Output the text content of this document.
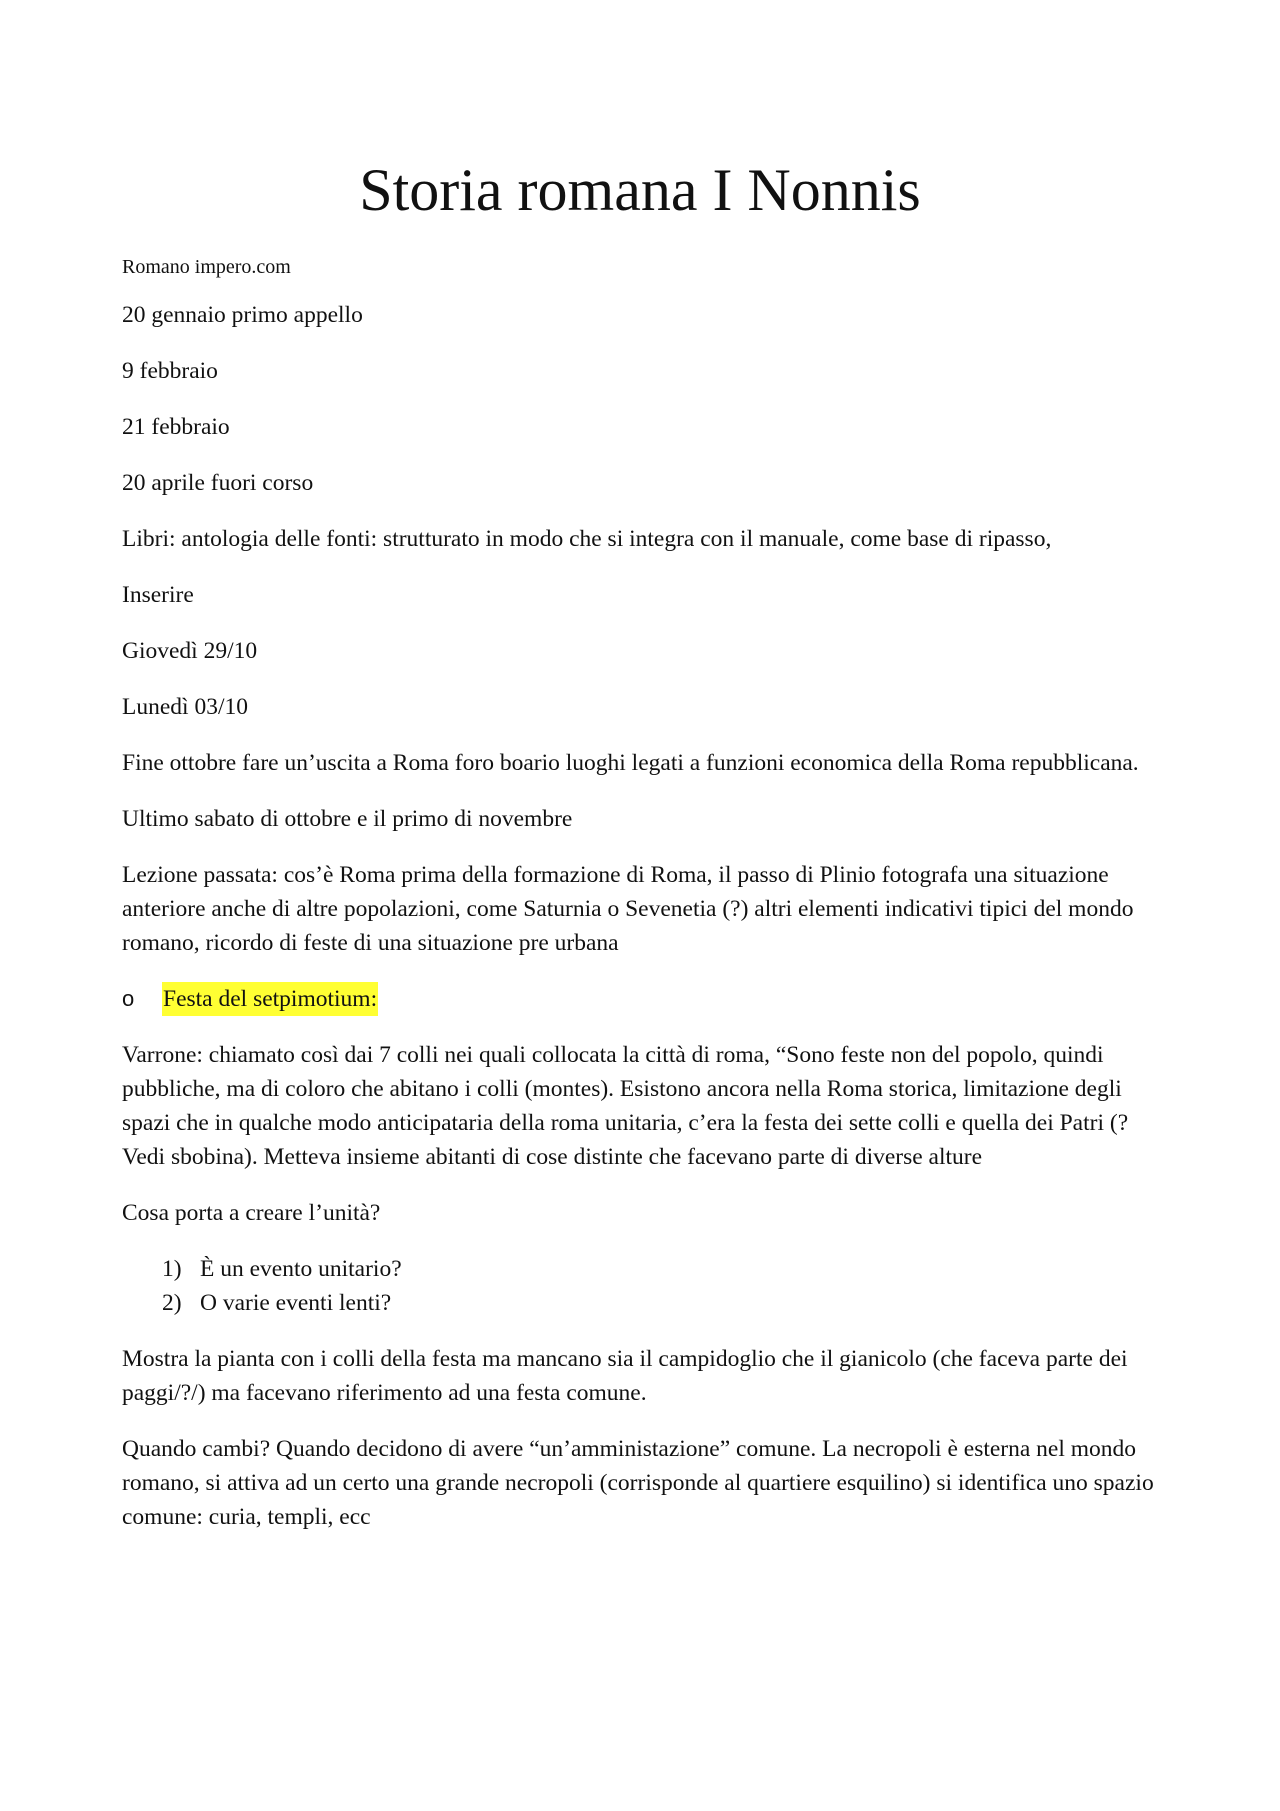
Storia romana I Nonnis
Romano impero.com
20 gennaio primo appello
9 febbraio
21 febbraio
20 aprile fuori corso
Libri: antologia delle fonti: strutturato in modo che si integra con il manuale, come base di ripasso,
Inserire
Giovedì 29/10
Lunedì 03/10
Fine ottobre fare un’uscita a Roma foro boario luoghi legati a funzioni economica della Roma repubblicana.
Ultimo sabato di ottobre e il primo di novembre
Lezione passata: cos’è Roma prima della formazione di Roma, il passo di Plinio fotografa una situazione anteriore anche di altre popolazioni, come Saturnia o Sevenetia (?) altri elementi indicativi tipici del mondo romano, ricordo di feste di una situazione pre urbana
o	Festa del setpimotium:
Varrone: chiamato così dai 7 colli nei quali collocata la città di roma, “Sono feste non del popolo, quindi pubbliche, ma di coloro che abitano i colli (montes). Esistono ancora nella Roma storica, limitazione degli spazi che in qualche modo anticipataria della roma unitaria, c’era la festa dei sette colli e quella dei Patri (? Vedi sbobina). Metteva insieme abitanti di cose distinte che facevano parte di diverse alture
Cosa porta a creare l’unità?
1) È un evento unitario?
2) O varie eventi lenti?
Mostra la pianta con i colli della festa ma mancano sia il campidoglio che il gianicolo (che faceva parte dei paggi/?/) ma facevano riferimento ad una festa comune.
Quando cambi? Quando decidono di avere “un’amministazione” comune. La necropoli è esterna nel mondo romano, si attiva ad un certo una grande necropoli (corrisponde al quartiere esquilino) si identifica uno spazio comune: curia, templi, ecc
